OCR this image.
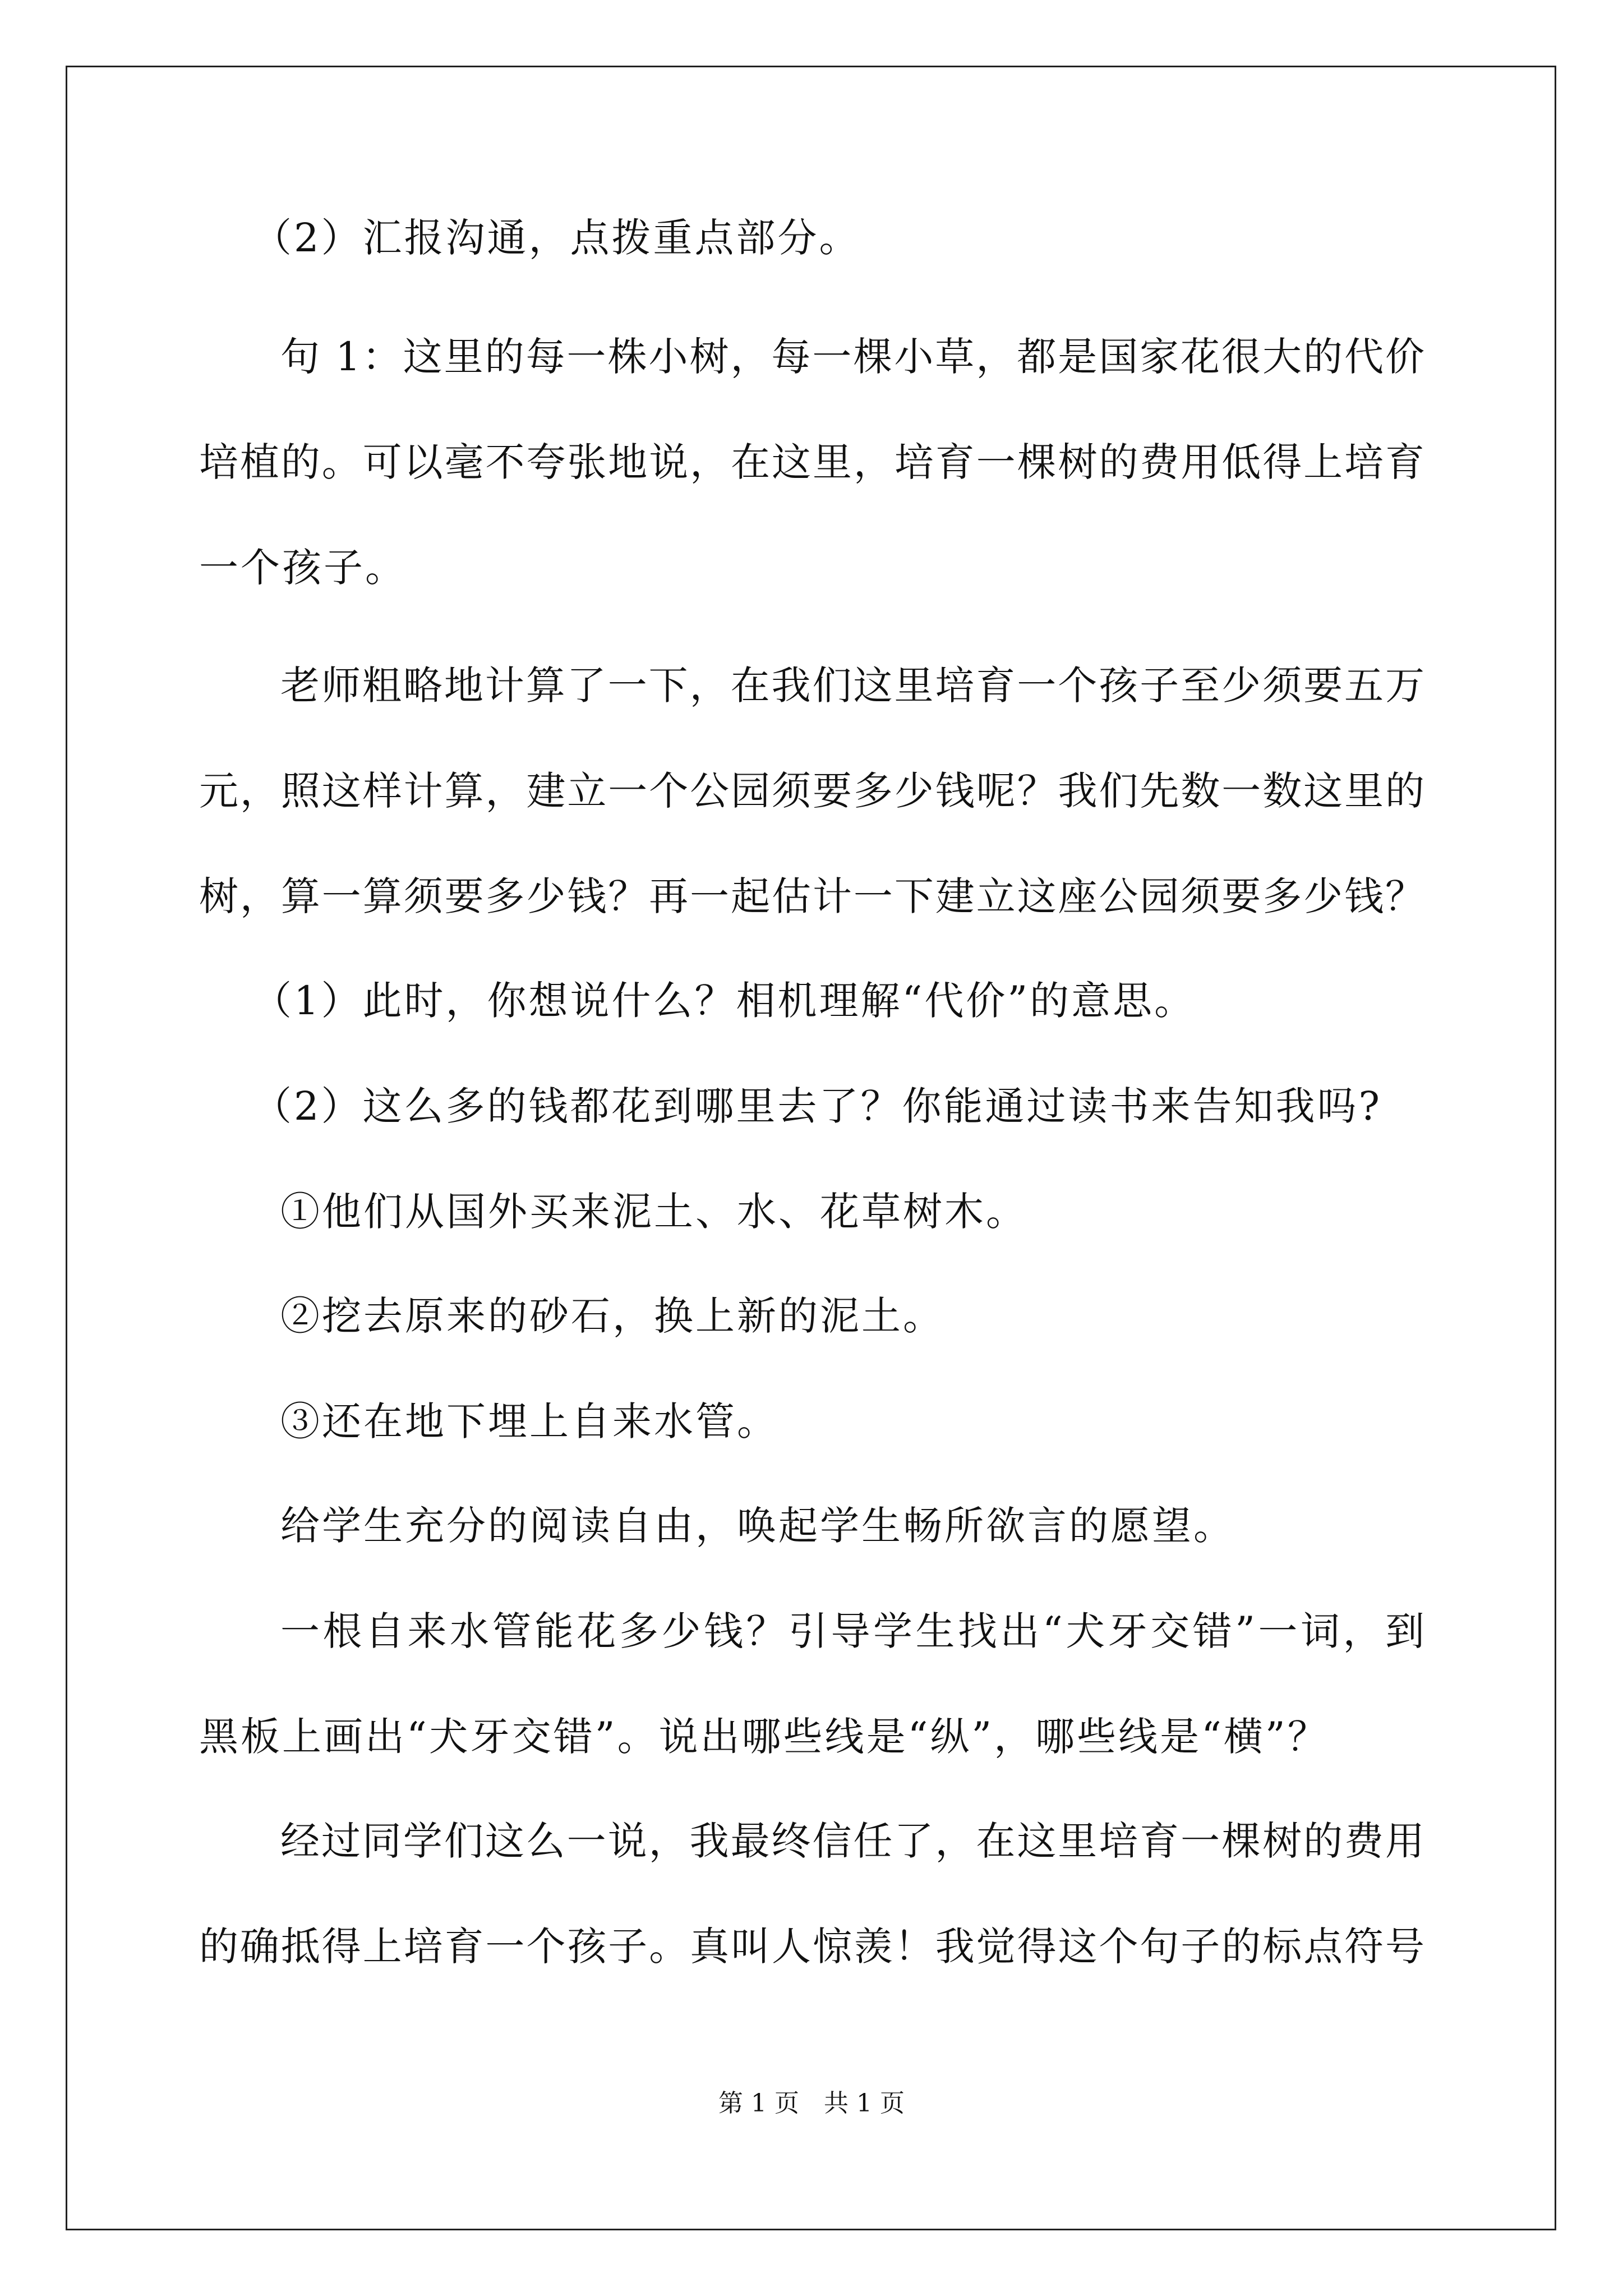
（2）汇报沟通，点拨重点部分。
句 1：这里的每一株小树，每一棵小草，都是国家花很大的代价
培植的。可以毫不夸张地说，在这里，培育一棵树的费用低得上培育
一个孩子。
老师粗略地计算了一下，在我们这里培育一个孩子至少须要五万
元，照这样计算，建立一个公园须要多少钱呢？我们先数一数这里的
树，算一算须要多少钱？再一起估计一下建立这座公园须要多少钱？
（1）此时，你想说什么？相机理解“代价”的意思。
（2）这么多的钱都花到哪里去了？你能通过读书来告知我吗?
①他们从国外买来泥土、水、花草树木。
②挖去原来的砂石，换上新的泥土。
③还在地下埋上自来水管。
给学生充分的阅读自由，唤起学生畅所欲言的愿望。
一根自来水管能花多少钱？引导学生找出“犬牙交错”一词，到
黑板上画出“犬牙交错”。说出哪些线是“纵”，哪些线是“横”？
经过同学们这么一说，我最终信任了，在这里培育一棵树的费用
的确抵得上培育一个孩子。真叫人惊羡！我觉得这个句子的标点符号
第 1 页　共 1 页
